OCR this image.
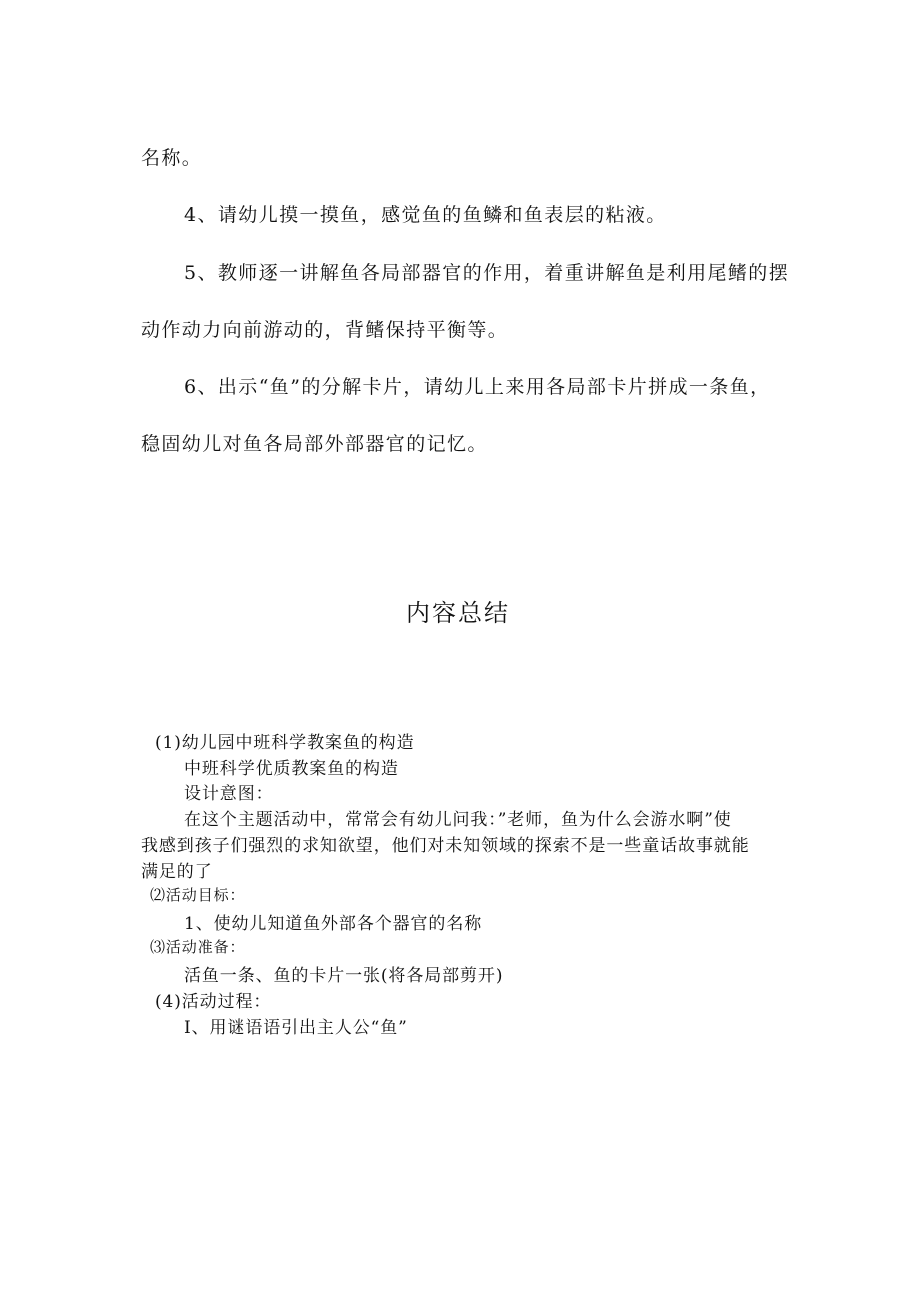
名称。

4、请幼儿摸一摸鱼，感觉鱼的鱼鳞和鱼表层的粘液。

5、教师逐一讲解鱼各局部器官的作用，着重讲解鱼是利用尾鳍的摆

动作动力向前游动的，背鳍保持平衡等。

6、出示“鱼”的分解卡片，请幼儿上来用各局部卡片拼成一条鱼，

稳固幼儿对鱼各局部外部器官的记忆。

内容总结

(1)幼儿园中班科学教案鱼的构造

中班科学优质教案鱼的构造

设计意图：

在这个主题活动中，常常会有幼儿问我：”老师，鱼为什么会游水啊”使

我感到孩子们强烈的求知欲望，他们对未知领域的探索不是一些童话故事就能

满足的了

⑵活动目标：

1、使幼儿知道鱼外部各个器官的名称

⑶活动准备：

活鱼一条、鱼的卡片一张(将各局部剪开)

(4)活动过程：

I、用谜语语引出主人公“鱼”
